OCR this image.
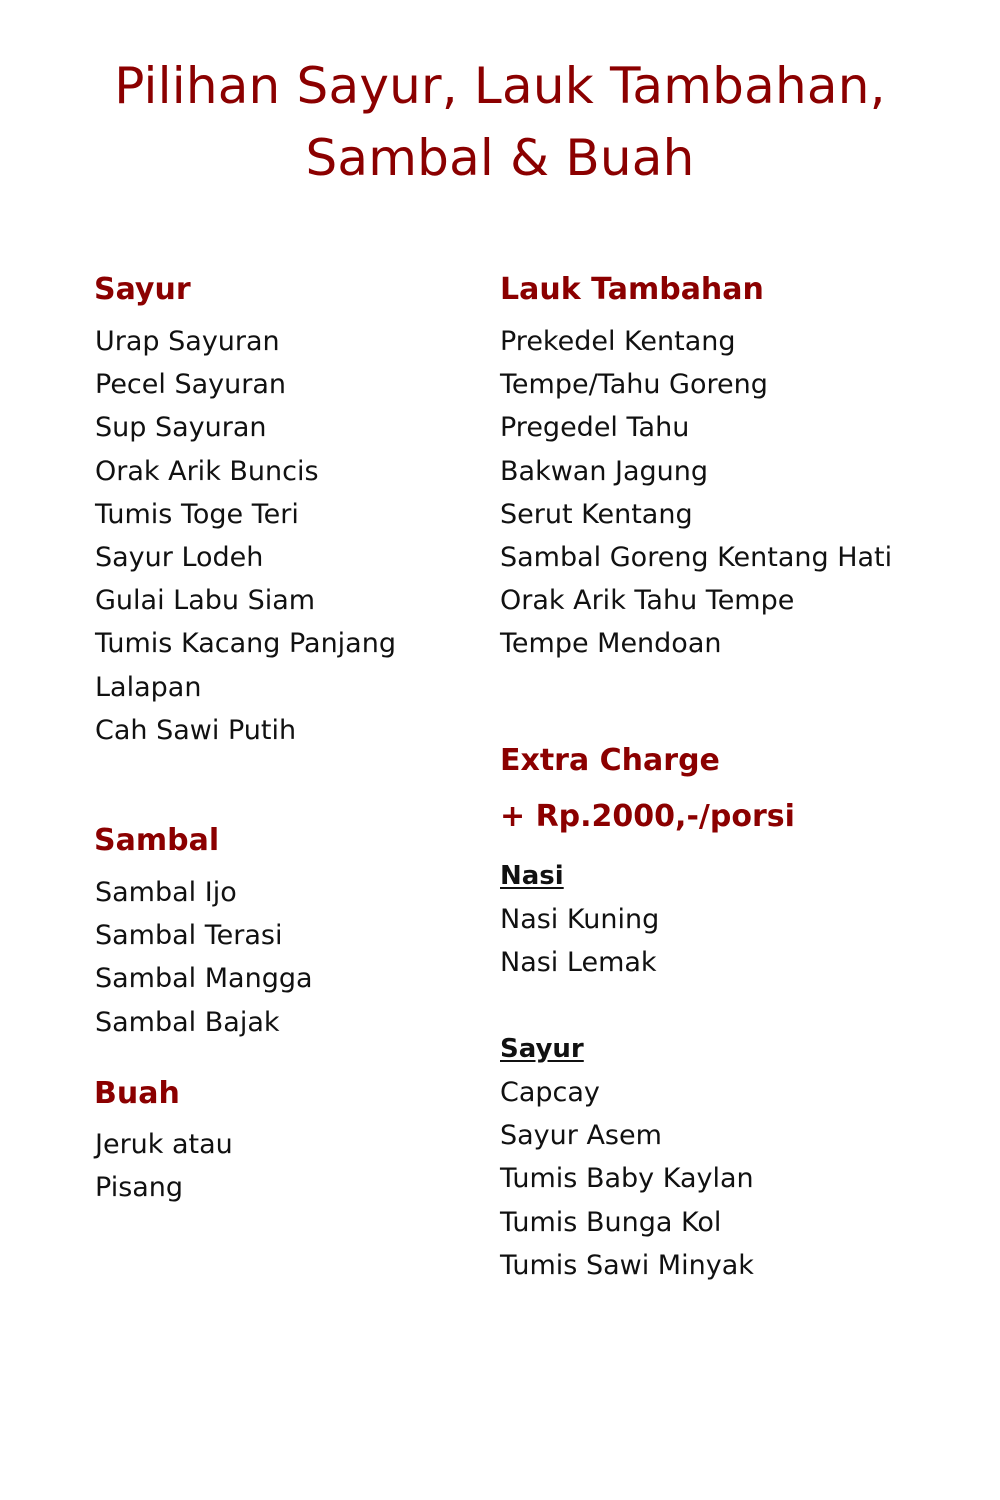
Pilihan Sayur, Lauk Tambahan,
Sambal & Buah
Sayur
Urap Sayuran
Pecel Sayuran
Sup Sayuran
Orak Arik Buncis
Tumis Toge Teri
Sayur Lodeh
Gulai Labu Siam
Tumis Kacang Panjang
Lalapan
Cah Sawi Putih
Sambal
Sambal Ijo
Sambal Terasi
Sambal Mangga
Sambal Bajak
Buah
Jeruk atau
Pisang
Lauk Tambahan
Prekedel Kentang
Tempe/Tahu Goreng
Pregedel Tahu
Bakwan Jagung
Serut Kentang
Sambal Goreng Kentang Hati
Orak Arik Tahu Tempe
Tempe Mendoan
Extra Charge
+ Rp.2000,-/porsi
Nasi
Nasi Kuning
Nasi Lemak
Sayur
Capcay
Sayur Asem
Tumis Baby Kaylan
Tumis Bunga Kol
Tumis Sawi Minyak
